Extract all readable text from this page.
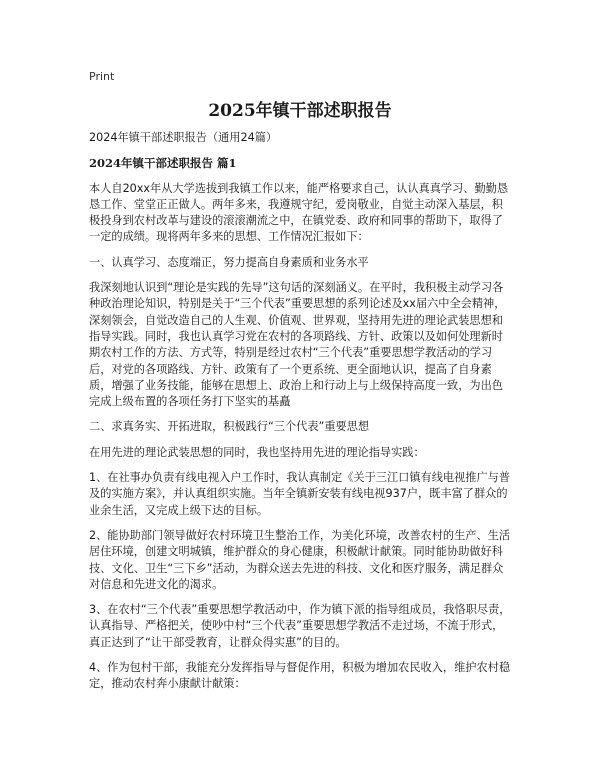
Print
2025年镇干部述职报告

2024年镇干部述职报告（通用24篇）

2024年镇干部述职报告 篇1

本人自20xx年从大学选拔到我镇工作以来，能严格要求自己，认认真真学习、勤勤恳恳工作、堂堂正正做人。两年多来，我遵规守纪，爱岗敬业，自觉主动深入基层，积极投身到农村改革与建设的滚滚潮流之中，在镇党委、政府和同事的帮助下，取得了一定的成绩。现将两年多来的思想、工作情况汇报如下：

一、认真学习、态度端正，努力提高自身素质和业务水平

我深刻地认识到“理论是实践的先导”这句话的深刻涵义。在平时，我积极主动学习各种政治理论知识，特别是关于“三个代表”重要思想的系列论述及xx届六中全会精神，深刻领会，自觉改造自己的人生观、价值观、世界观，坚持用先进的理论武装思想和指导实践。同时，我也认真学习党在农村的各项路线、方针、政策以及如何处理新时期农村工作的方法、方式等，特别是经过农村“三个代表”重要思想学教活动的学习后，对党的各项路线、方针、政策有了一个更系统、更全面地认识，提高了自身素质，增强了业务技能，能够在思想上、政治上和行动上与上级保持高度一致，为出色完成上级布置的各项任务打下坚实的基矗

二、求真务实、开拓进取，积极践行“三个代表”重要思想

在用先进的理论武装思想的同时，我也坚持用先进的理论指导实践：

1、在社事办负责有线电视入户工作时，我认真制定《关于三江口镇有线电视推广与普及的实施方案》，并认真组织实施。当年全镇新安装有线电视937户，既丰富了群众的业余生活，又完成上级下达的目标。

2、能协助部门领导做好农村环境卫生整治工作，为美化环境，改善农村的生产、生活居住环境，创建文明城镇，维护群众的身心健康，积极献计献策。同时能协助做好科技、文化、卫生“三下乡”活动，为群众送去先进的科技、文化和医疗服务，满足群众对信息和先进文化的渴求。

3、在农村“三个代表”重要思想学教活动中，作为镇下派的指导组成员，我恪职尽责，认真指导、严格把关，使吵中村“三个代表”重要思想学教活不走过场，不流于形式，真正达到了“让干部受教育，让群众得实惠”的目的。

4、作为包村干部，我能充分发挥指导与督促作用，积极为增加农民收入，维护农村稳定，推动农村奔小康献计献策：
